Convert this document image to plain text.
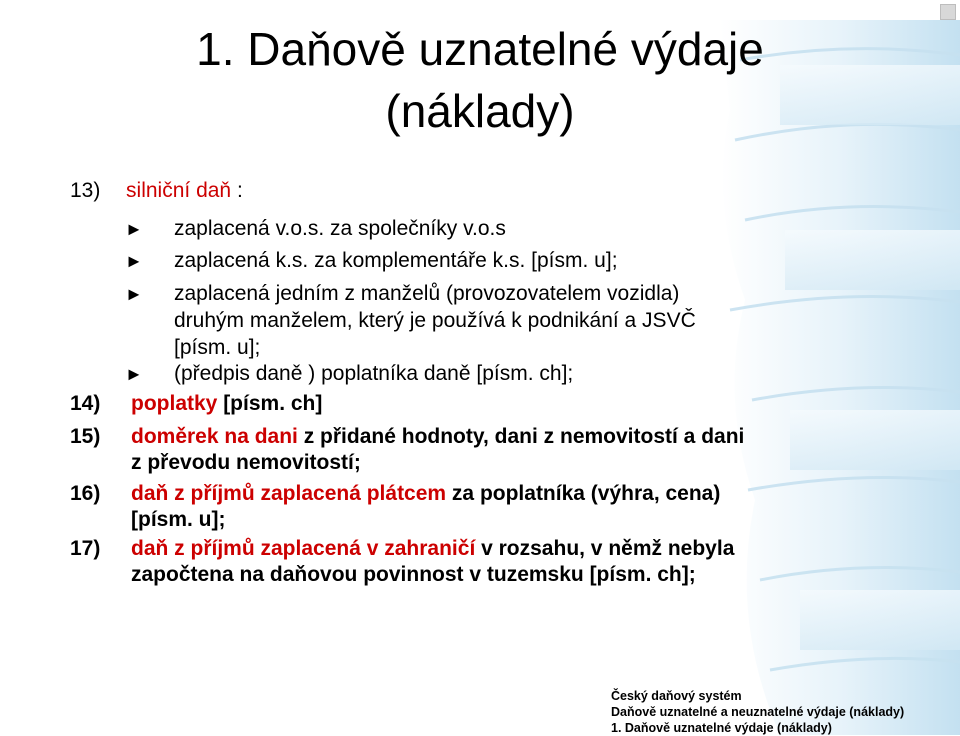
1. Daňově uznatelné výdaje
(náklady)
13) silniční daň :
► zaplacená v.o.s. za společníky v.o.s
► zaplacená k.s. za komplementáře k.s. [písm. u];
► zaplacená jedním z manželů (provozovatelem vozidla)
druhým manželem, který je používá k podnikání a JSVČ
[písm. u];
► (předpis daně ) poplatníka daně [písm. ch];
14) poplatky [písm. ch]
15) doměrek na dani z přidané hodnoty, dani z nemovitostí a dani
z převodu nemovitostí;
16) daň z příjmů zaplacená plátcem za poplatníka (výhra, cena)
[písm. u];
17) daň z příjmů zaplacená v zahraničí v rozsahu, v němž nebyla
započtena na daňovou povinnost v tuzemsku [písm. ch];
Český daňový systém
Daňově uznatelné a neuznatelné výdaje (náklady)
1. Daňově uznatelné výdaje (náklady)
